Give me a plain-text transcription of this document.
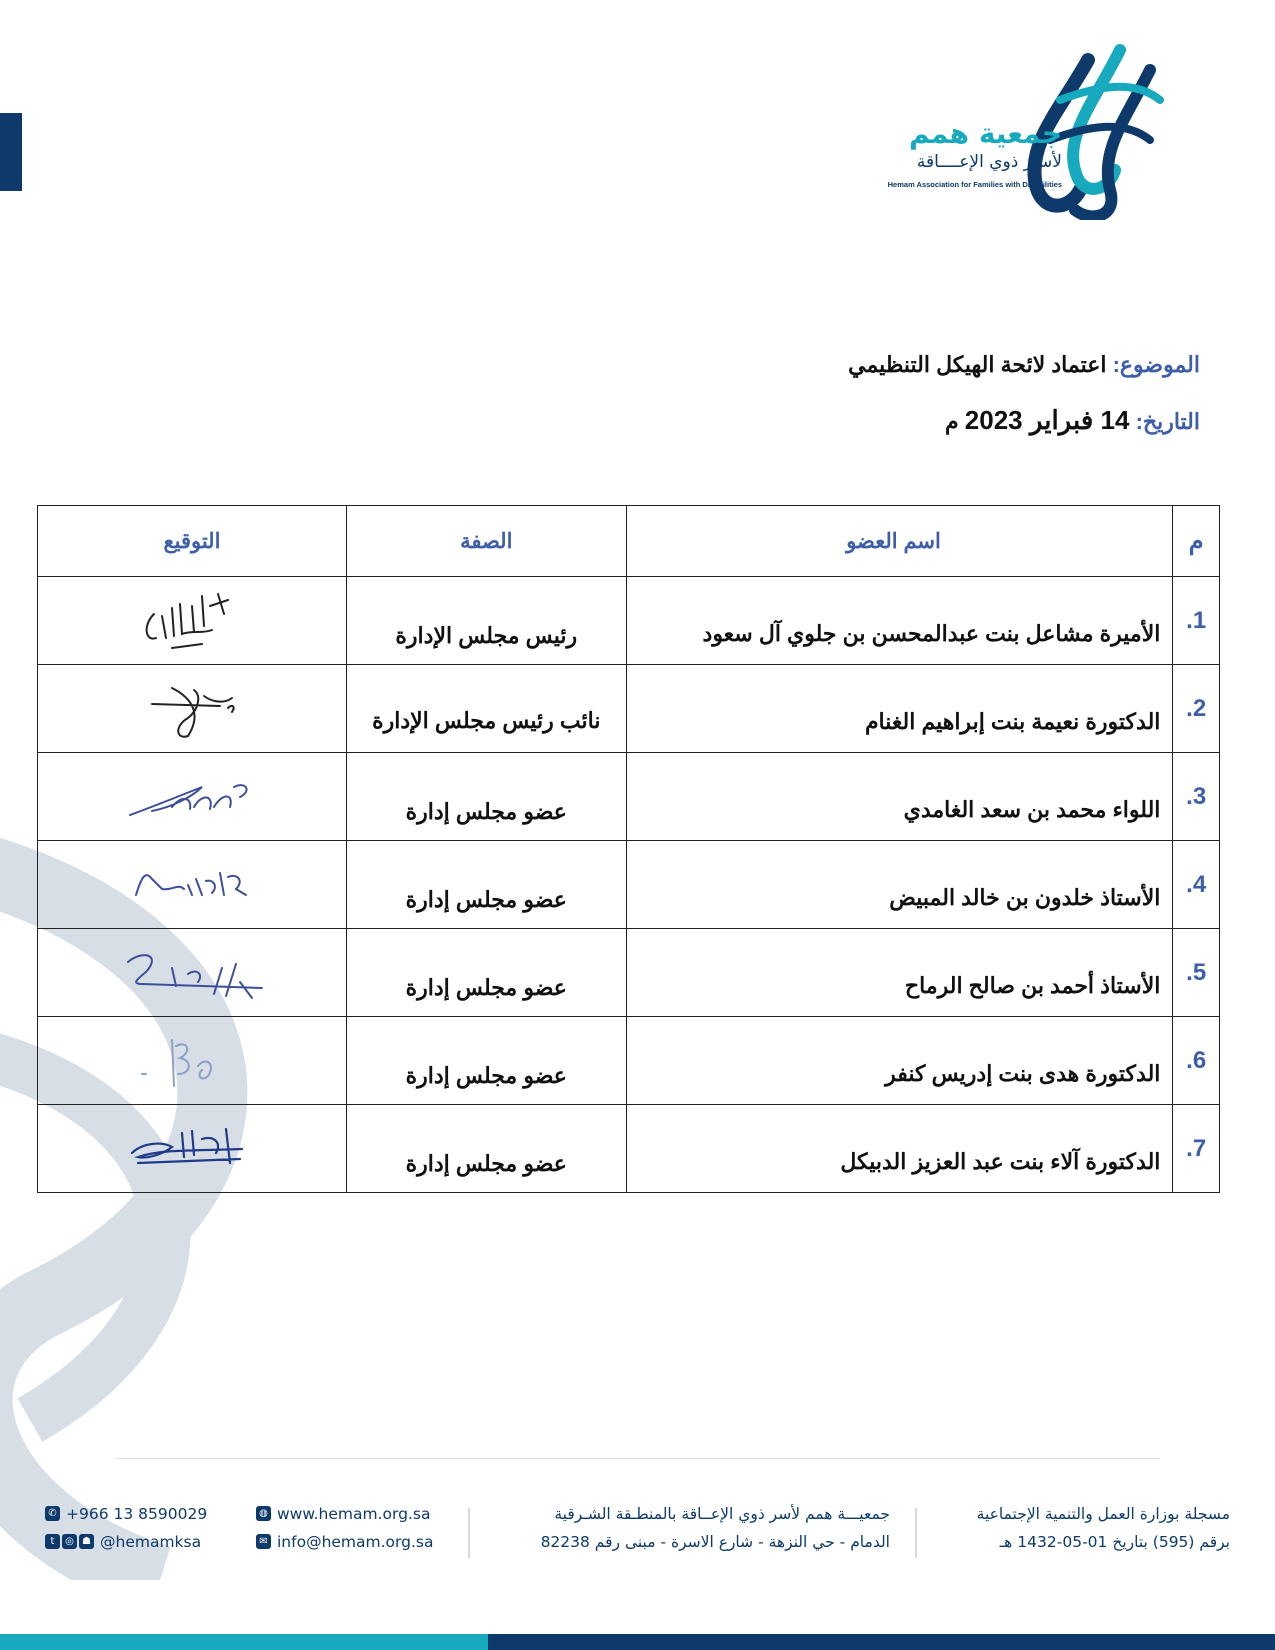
جمعية همم
لأسـر ذوي الإعــــاقة
Hemam Association for Families with Disabilities
الموضوع: اعتماد لائحة الهيكل التنظيمي
التاريخ: 14 فبراير 2023 م
م	اسم العضو	الصفة	التوقيع
1.	الأميرة مشاعل بنت عبدالمحسن بن جلوي آل سعود	رئيس مجلس الإدارة

2.	الدكتورة نعيمة بنت إبراهيم الغنام	نائب رئيس مجلس الإدارة

3.	اللواء محمد بن سعد الغامدي	عضو مجلس إدارة

4.	الأستاذ خلدون بن خالد المبيض	عضو مجلس إدارة

5.	الأستاذ أحمد بن صالح الرماح	عضو مجلس إدارة

6.	الدكتورة هدى بنت إدريس كنفر	عضو مجلس إدارة

7.	الدكتورة آلاء بنت عبد العزيز الدبيكل	عضو مجلس إدارة

مسجلة بوزارة العمل والتنمية الإجتماعية
برقم (595) بتاريخ 01-05-1432 هـ
جمعيـــة همم لأسر ذوي الإعــاقة بالمنطـقة الشـرقية
الدمام - حي النزهة - شارع الاسرة - مبنى رقم 82238
◍ www.hemam.org.sa
✉ info@hemam.org.sa
✆ +966 13 8590029
t	◎ ☗ @hemamksa
